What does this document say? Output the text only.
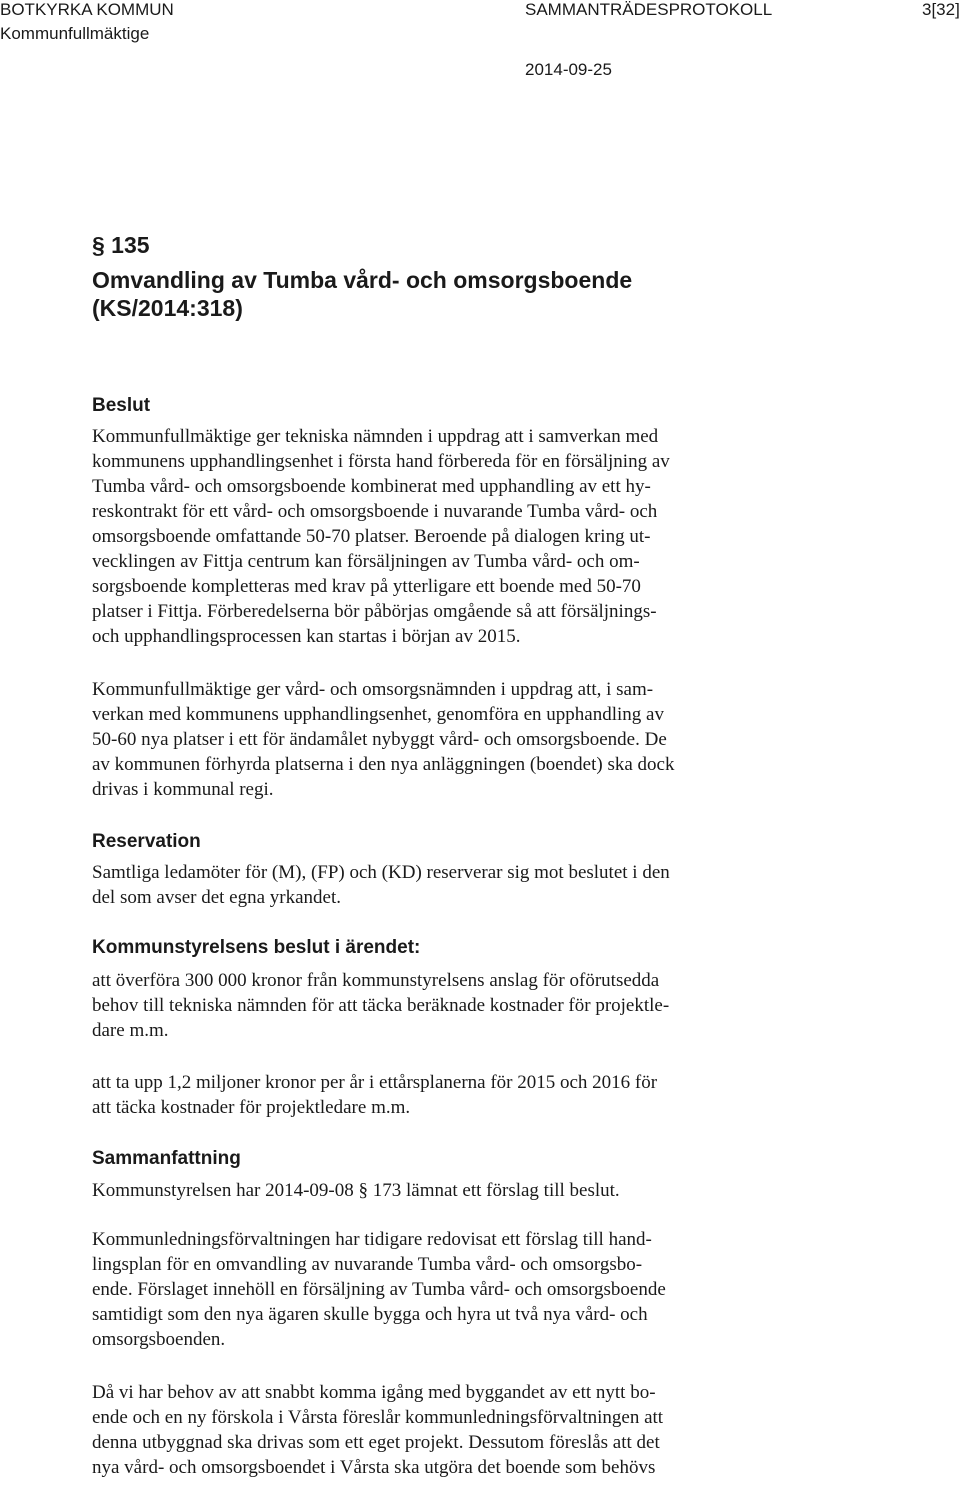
BOTKYRKA KOMMUN
Kommunfullmäktige
SAMMANTRÄDESPROTOKOLL	3[32]
2014-09-25
§ 135
Omvandling av Tumba vård- och omsorgsboende
(KS/2014:318)
Beslut
Kommunfullmäktige ger tekniska nämnden i uppdrag att i samverkan med
kommunens upphandlingsenhet i första hand förbereda för en försäljning av
Tumba vård- och omsorgsboende kombinerat med upphandling av ett hy-
reskontrakt för ett vård- och omsorgsboende i nuvarande Tumba vård- och
omsorgsboende omfattande 50-70 platser. Beroende på dialogen kring ut-
vecklingen av Fittja centrum kan försäljningen av Tumba vård- och om-
sorgsboende kompletteras med krav på ytterligare ett boende med 50-70
platser i Fittja. Förberedelserna bör påbörjas omgående så att försäljnings-
och upphandlingsprocessen kan startas i början av 2015.
Kommunfullmäktige ger vård- och omsorgsnämnden i uppdrag att, i sam-
verkan med kommunens upphandlingsenhet, genomföra en upphandling av
50-60 nya platser i ett för ändamålet nybyggt vård- och omsorgsboende. De
av kommunen förhyrda platserna i den nya anläggningen (boendet) ska dock
drivas i kommunal regi.
Reservation
Samtliga ledamöter för (M), (FP) och (KD) reserverar sig mot beslutet i den
del som avser det egna yrkandet.
Kommunstyrelsens beslut i ärendet:
att överföra 300 000 kronor från kommunstyrelsens anslag för oförutsedda
behov till tekniska nämnden för att täcka beräknade kostnader för projektle-
dare m.m.
att ta upp 1,2 miljoner kronor per år i ettårsplanerna för 2015 och 2016 för
att täcka kostnader för projektledare m.m.
Sammanfattning
Kommunstyrelsen har 2014-09-08 § 173 lämnat ett förslag till beslut.
Kommunledningsförvaltningen har tidigare redovisat ett förslag till hand-
lingsplan för en omvandling av nuvarande Tumba vård- och omsorgsbo-
ende. Förslaget innehöll en försäljning av Tumba vård- och omsorgsboende
samtidigt som den nya ägaren skulle bygga och hyra ut två nya vård- och
omsorgsboenden.
Då vi har behov av att snabbt komma igång med byggandet av ett nytt bo-
ende och en ny förskola i Vårsta föreslår kommunledningsförvaltningen att
denna utbyggnad ska drivas som ett eget projekt. Dessutom föreslås att det
nya vård- och omsorgsboendet i Vårsta ska utgöra det boende som behövs
